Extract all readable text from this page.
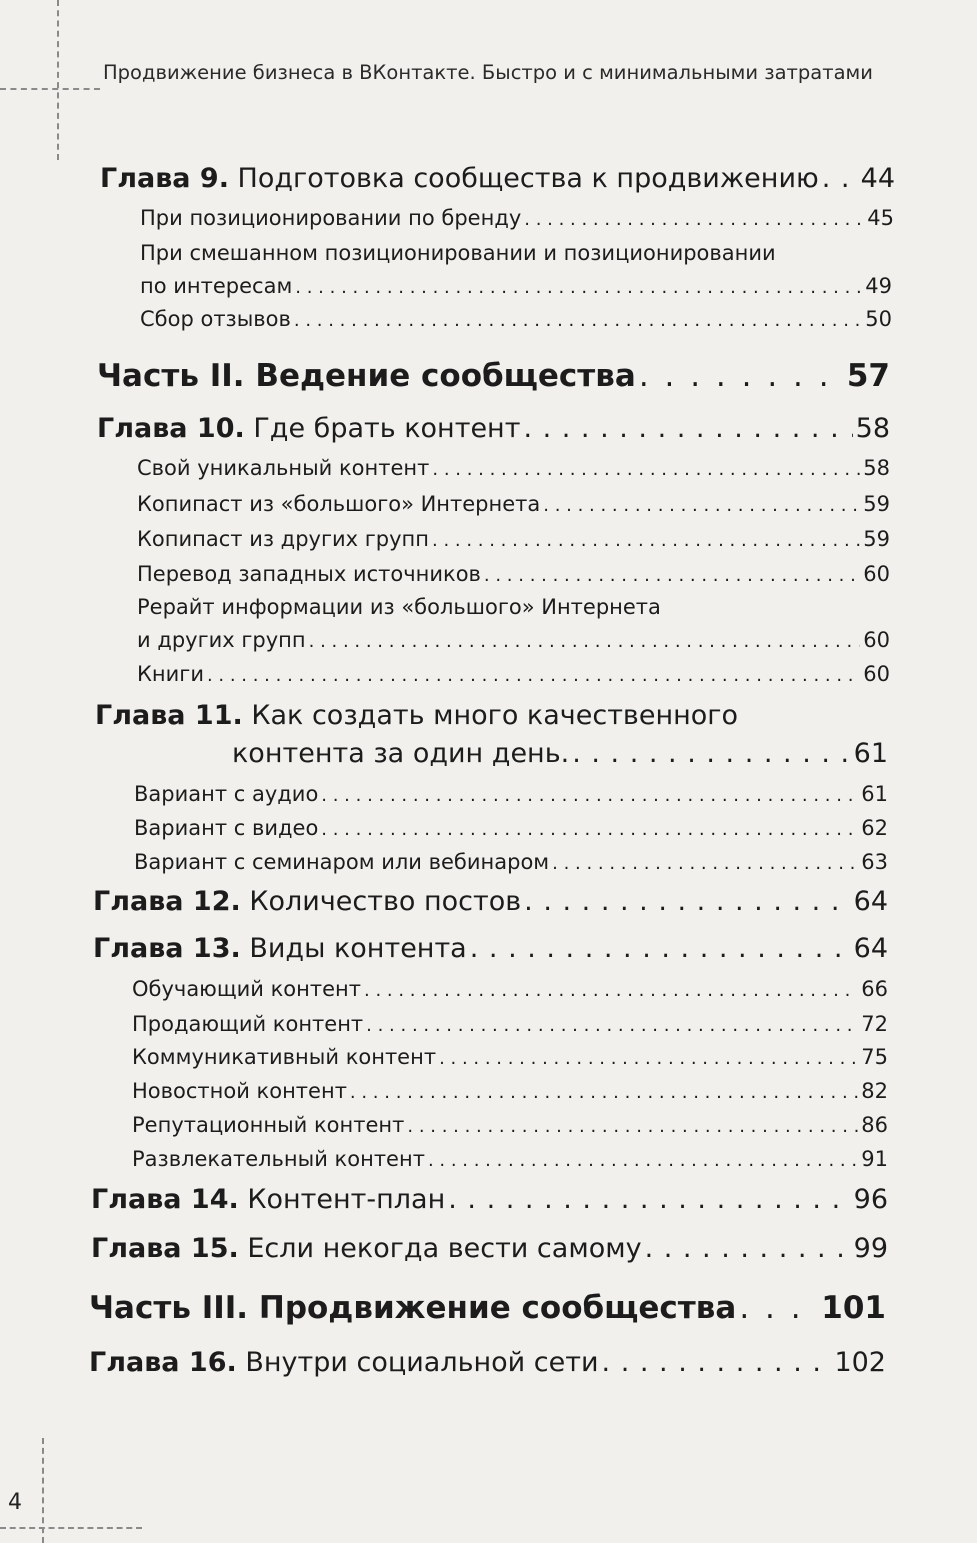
Продвижение бизнеса в ВКонтакте. Быстро и с минимальными затратами
Глава 9. Подготовка сообщества к продвижению . . . 44
При позиционировании по бренду . . .	45
При смешанном позиционировании и позиционировании
по интересам . . .	49
Сбор отзывов . . .	50
Часть II. Ведение сообщества . . .	57
Глава 10. Где брать контент . . .	58
Свой уникальный контент . . .	58
Копипаст из «большого» Интернета . . .	59
Копипаст из других групп . . .	59
Перевод западных источников . . .	60
Рерайт информации из «большого» Интернета
и других групп . . .	60
Книги . . .	60
Глава 11. Как создать много качественного
контента за один день. . . .	61
Вариант с аудио . . .	61
Вариант с видео . . .	62
Вариант с семинаром или вебинаром . . .	63
Глава 12. Количество постов . . .	64
Глава 13. Виды контента . . .	64
Обучающий контент . . .	66
Продающий контент . . .	72
Коммуникативный контент . . .	75
Новостной контент . . .	82
Репутационный контент . . .	86
Развлекательный контент . . .	91
Глава 14. Контент-план . . .	96
Глава 15. Если некогда вести самому . . .	99
Часть III. Продвижение сообщества . . .	101
Глава 16. Внутри социальной сети . . .	102
4
